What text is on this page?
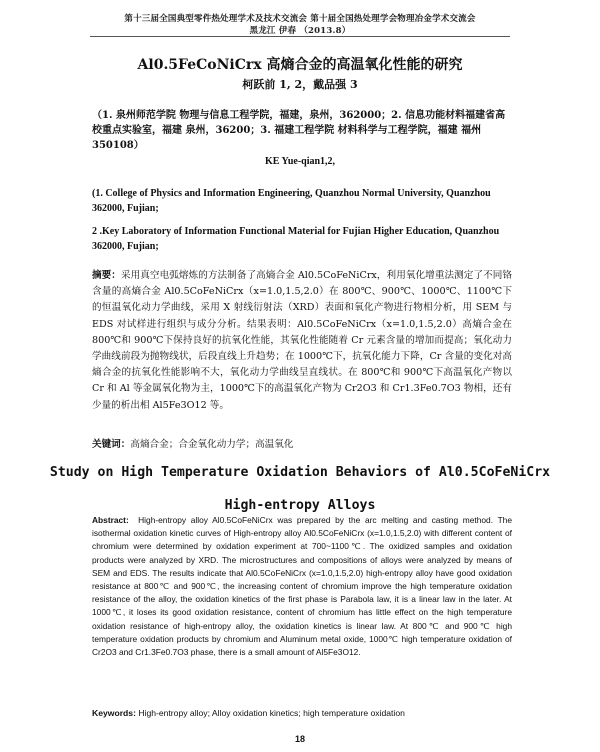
第十三届全国典型零件热处理学术及技术交流会 第十届全国热处理学会物理冶金学术交流会
黑龙江 伊春 （2013.8）
Al0.5FeCoNiCrx 高熵合金的高温氧化性能的研究
柯跃前 1, 2，戴品强 3
（1. 泉州师范学院 物理与信息工程学院，福建，泉州，362000；2. 信息功能材料福建省高校重点实验室，福建 泉州，36200；3. 福建工程学院 材料科学与工程学院，福建 福州 350108）
KE Yue-qian1,2,

(1. College of Physics and Information Engineering, Quanzhou Normal University, Quanzhou 362000, Fujian;

2 .Key Laboratory of Information Functional Material for Fujian Higher Education, Quanzhou 362000, Fujian;

摘要：采用真空电弧熔炼的方法制备了高熵合金 Al0.5CoFeNiCrx，利用氧化增重法测定了不同铬含量的高熵合金 Al0.5CoFeNiCrx（x=1.0,1.5,2.0）在 800℃、900℃、1000℃、1100℃下的恒温氧化动力学曲线，采用 X 射线衍射法（XRD）表面和氧化产物进行物相分析，用 SEM 与 EDS 对试样进行组织与成分分析。结果表明：Al0.5CoFeNiCrx（x=1.0,1.5,2.0）高熵合金在 800℃和 900℃下保持良好的抗氧化性能，其氧化性能随着 Cr 元素含量的增加而提高；氧化动力学曲线前段为抛物线状，后段直线上升趋势；在 1000℃下，抗氧化能力下降，Cr 含量的变化对高熵合金的抗氧化性能影响不大，氧化动力学曲线呈直线状。在 800℃和 900℃下高温氧化产物以 Cr 和 Al 等金属氧化物为主，1000℃下的高温氧化产物为 Cr2O3 和 Cr1.3Fe0.7O3 物相，还有少量的析出相 Al5Fe3O12 等。
关键词：高熵合金；合金氧化动力学；高温氧化
Study on High Temperature Oxidation Behaviors of Al0.5CoFeNiCrx
High-entropy Alloys
Abstract: High-entropy alloy Al0.5CoFeNiCrx was prepared by the arc melting and casting method. The isothermal oxidation kinetic curves of High-entropy alloy Al0.5CoFeNiCrx (x=1.0,1.5,2.0) with different content of chromium were determined by oxidation experiment at 700~1100℃. The oxidized samples and oxidation products were analyzed by XRD. The microstructures and compositions of alloys were analyzed by means of SEM and EDS. The results indicate that Al0.5CoFeNiCrx (x=1.0,1.5,2.0) high-entropy alloy have good oxidation resistance at 800℃ and 900℃, the increasing content of chromium improve the high temperature oxidation resistance of the alloy, the oxidation kinetics of the first phase is Parabola law, it is a linear law in the later. At 1000℃, it loses its good oxidation resistance, content of chromium has little effect on the high temperature oxidation resistance of high-entropy alloy, the oxidation kinetics is linear law. At 800℃ and 900℃ high temperature oxidation products by chromium and Aluminum metal oxide, 1000℃ high temperature oxidation of Cr2O3 and Cr1.3Fe0.7O3 phase, there is a small amount of Al5Fe3O12.
Keywords: High-entropy alloy; Alloy oxidation kinetics; high temperature oxidation
18
